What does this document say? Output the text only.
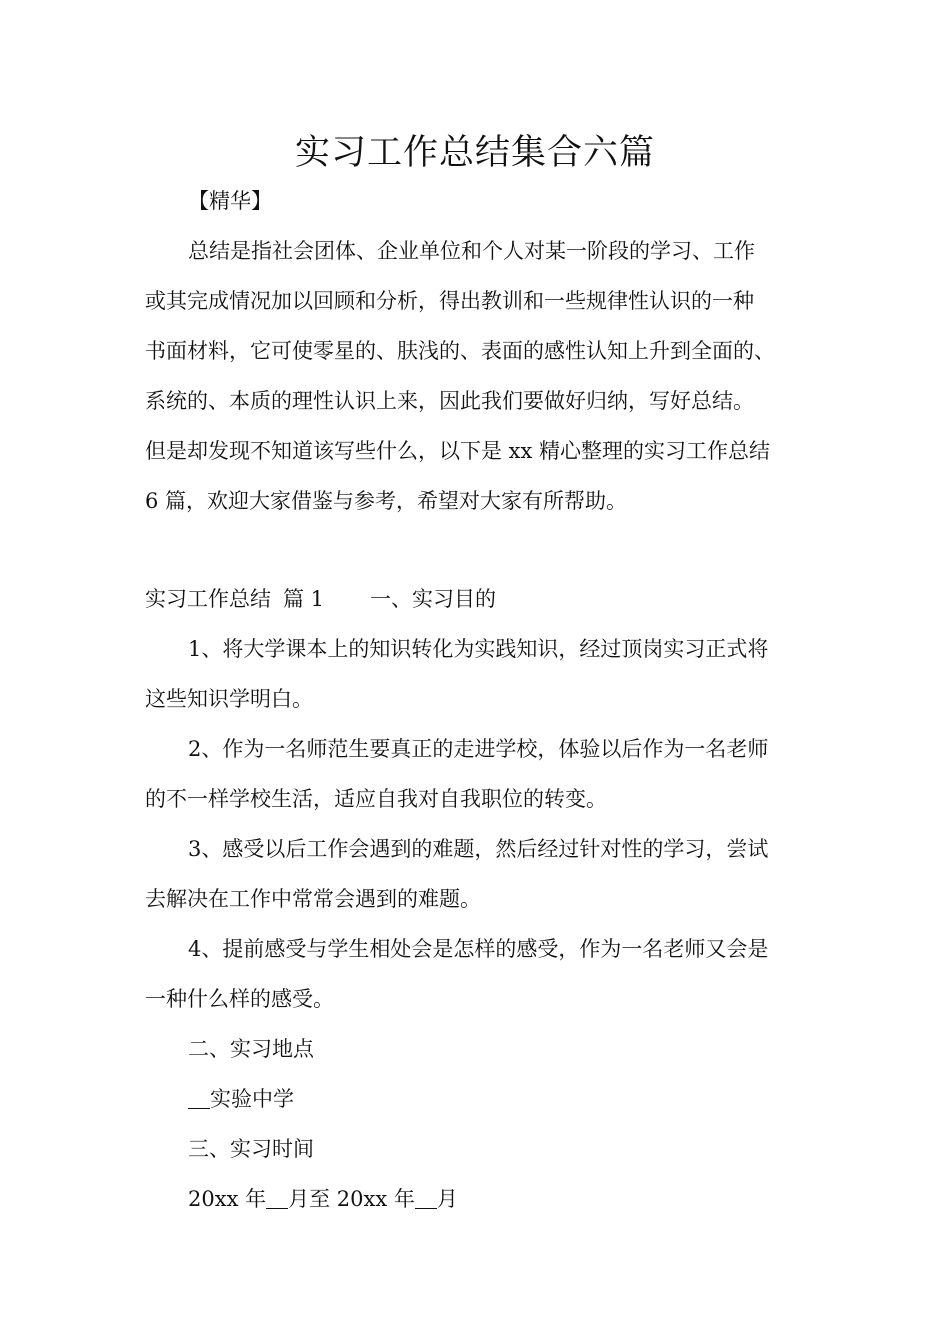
实习工作总结集合六篇
【精华】
总结是指社会团体、企业单位和个人对某一阶段的学习、工作
或其完成情况加以回顾和分析，得出教训和一些规律性认识的一种
书面材料，它可使零星的、肤浅的、表面的感性认知上升到全面的、
系统的、本质的理性认识上来，因此我们要做好归纳，写好总结。
但是却发现不知道该写些什么，以下是 xx 精心整理的实习工作总结
6 篇，欢迎大家借鉴与参考，希望对大家有所帮助。
实习工作总结 篇 1 一、实习目的
1、将大学课本上的知识转化为实践知识，经过顶岗实习正式将
这些知识学明白。
2、作为一名师范生要真正的走进学校，体验以后作为一名老师
的不一样学校生活，适应自我对自我职位的转变。
3、感受以后工作会遇到的难题，然后经过针对性的学习，尝试
去解决在工作中常常会遇到的难题。
4、提前感受与学生相处会是怎样的感受，作为一名老师又会是
一种什么样的感受。
二、实习地点
实验中学
三、实习时间
20xx 年 月至 20xx 年 月
